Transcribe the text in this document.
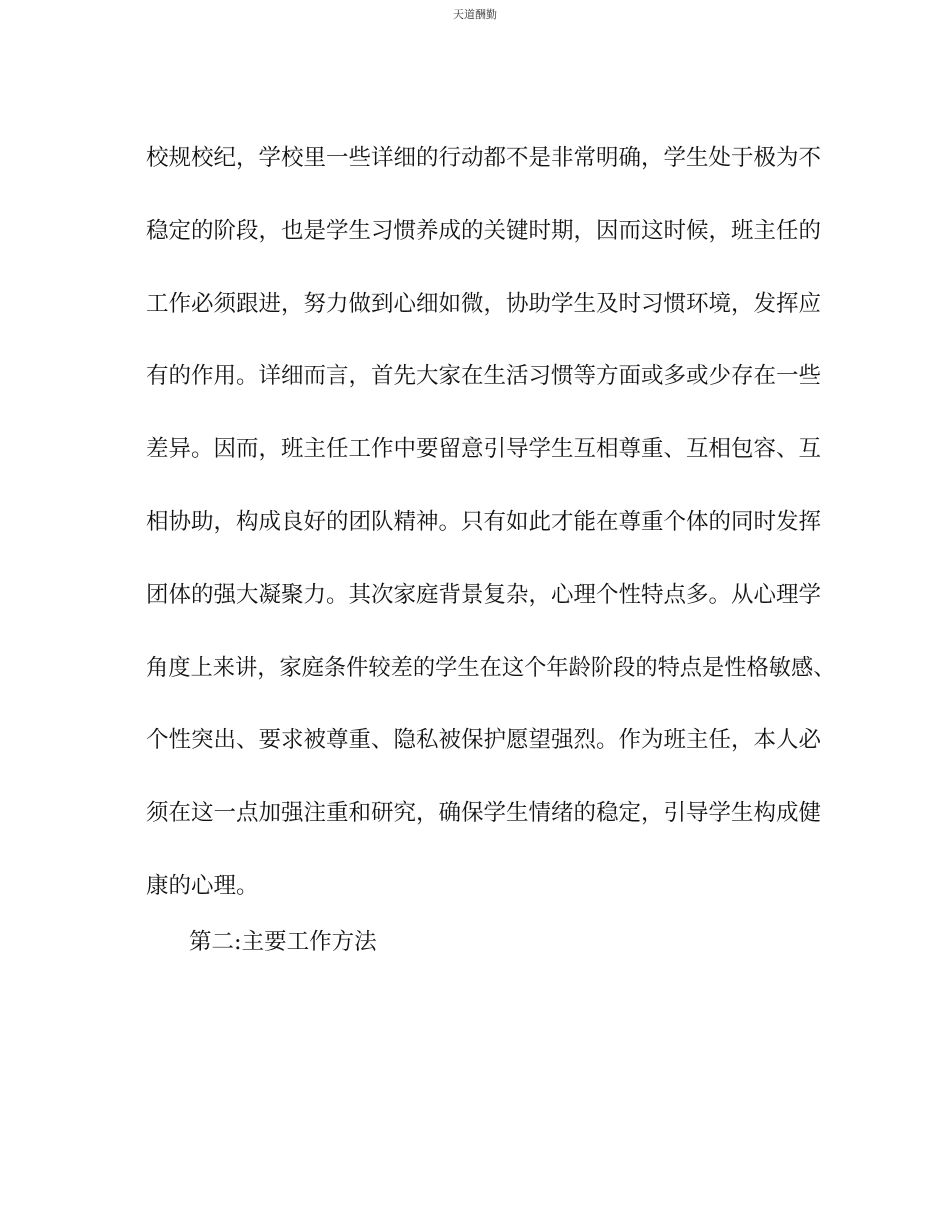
天道酬勤
校规校纪，学校里一些详细的行动都不是非常明确，学生处于极为不
稳定的阶段，也是学生习惯养成的关键时期，因而这时候，班主任的
工作必须跟进，努力做到心细如微，协助学生及时习惯环境，发挥应
有的作用。详细而言，首先大家在生活习惯等方面或多或少存在一些
差异。因而，班主任工作中要留意引导学生互相尊重、互相包容、互
相协助，构成良好的团队精神。只有如此才能在尊重个体的同时发挥
团体的强大凝聚力。其次家庭背景复杂，心理个性特点多。从心理学
角度上来讲，家庭条件较差的学生在这个年龄阶段的特点是性格敏感、
个性突出、要求被尊重、隐私被保护愿望强烈。作为班主任，本人必
须在这一点加强注重和研究，确保学生情绪的稳定，引导学生构成健
康的心理。
第二:主要工作方法
